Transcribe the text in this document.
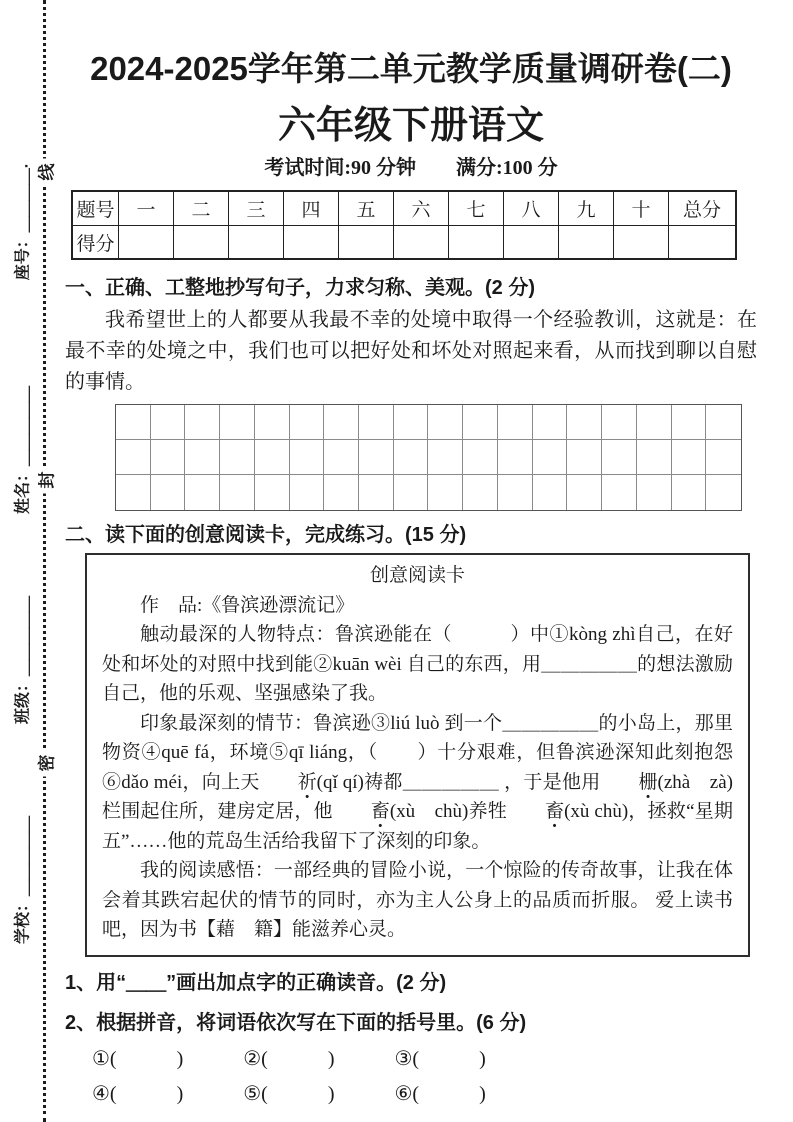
线
封
密
座号：＿＿＿＿.
姓名：＿＿＿＿＿
班级：＿＿＿＿＿
学校：＿＿＿＿＿
2024-2025学年第二单元教学质量调研卷(二)
六年级下册语文
考试时间:90 分钟　　满分:100 分
题号	一	二	三	四	五	六	七	八	九	十	总分
得分
一、正确、工整地抄写句子，力求匀称、美观。(2 分)
我希望世上的人都要从我最不幸的处境中取得一个经验教训，这就是：在最不幸的处境之中，我们也可以把好处和坏处对照起来看，从而找到聊以自慰的事情。
二、读下面的创意阅读卡，完成练习。(15 分)
创意阅读卡
作　品:《鲁滨逊漂流记》
触动最深的人物特点：鲁滨逊能在（　　　）中①kòng zhì自己，在好处和坏处的对照中找到能②kuān wèi 自己的东西，用＿＿＿＿＿的想法激励自己，他的乐观、坚强感染了我。
印象最深刻的情节：鲁滨逊③liú luò 到一个＿＿＿＿＿的小岛上，那里物资④quē fá，环境⑤qī liáng，（　　）十分艰难，但鲁滨逊深知此刻抱怨⑥dǎo méi，向上天 祈(qǐ qí)祷都＿＿＿＿＿ ，于是他用 栅(zhà　zà)栏围起住所，建房定居，他 畜(xù　chù)养牲 畜(xù chù)，拯救“星期五”……他的荒岛生活给我留下了深刻的印象。
我的阅读感悟：一部经典的冒险小说，一个惊险的传奇故事，让我在体会着其跌宕起伏的情节的同时，亦为主人公身上的品质而折服。 爱上读书吧，因为书【藉　籍】能滋养心灵。
1、用“＿＿”画出加点字的正确读音。(2 分)
2、根据拼音，将词语依次写在下面的括号里。(6 分)
①(　　　)　　　②(　　　)　　　③(　　　)
④(　　　)　　　⑤(　　　)　　　⑥(　　　)
